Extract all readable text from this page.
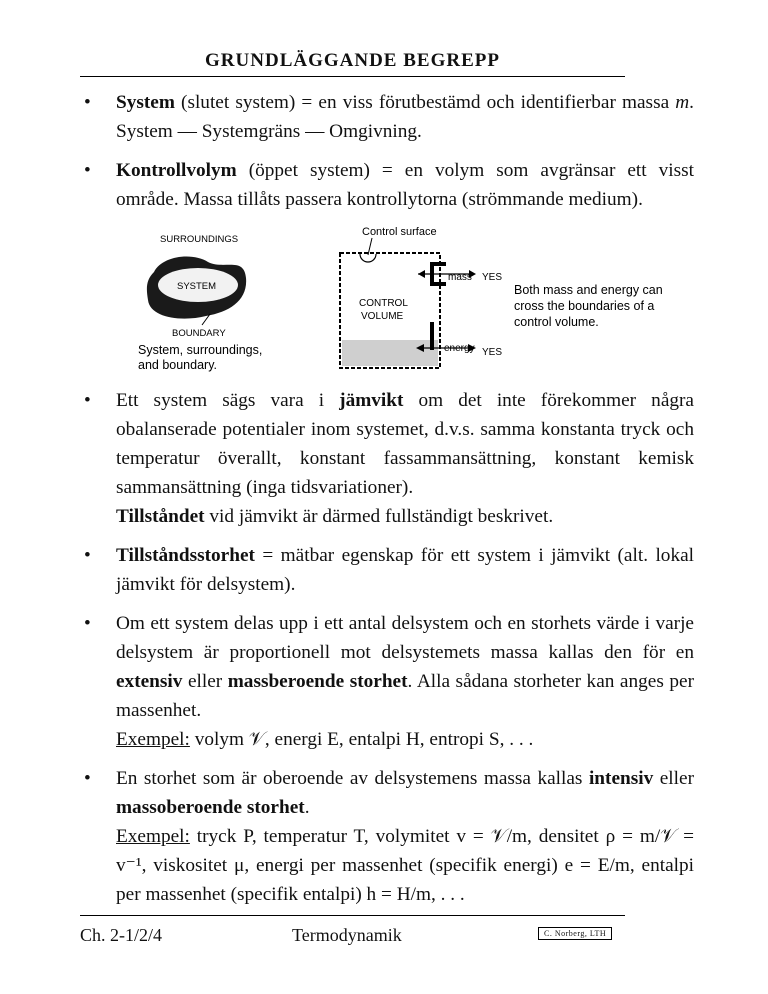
GRUNDLÄGGANDE BEGREPP
• System (slutet system) = en viss förutbestämd och identifierbar massa m. System — Systemgräns — Omgivning.
• Kontrollvolym (öppet system) = en volym som avgränsar ett visst område. Massa tillåts passera kontrollytorna (strömmande medium).
SURROUNDINGS
SYSTEM
BOUNDARY
System, surroundings,
and boundary.
Control surface
CONTROL
VOLUME
mass YES
energy YES
Both mass and energy can
cross the boundaries of a
control volume.
• Ett system sägs vara i jämvikt om det inte förekommer några obalanserade potentialer inom systemet, d.v.s. samma konstanta tryck och temperatur överallt, konstant fassammansättning, konstant kemisk sammansättning (inga tidsvariationer).
Tillståndet vid jämvikt är därmed fullständigt beskrivet.
• Tillståndsstorhet = mätbar egenskap för ett system i jämvikt (alt. lokal jämvikt för delsystem).
• Om ett system delas upp i ett antal delsystem och en storhets värde i varje delsystem är proportionell mot delsystemets massa kallas den för en extensiv eller massberoende storhet. Alla sådana storheter kan anges per massenhet.
Exempel: volym 𝒱, energi E, entalpi H, entropi S, . . .
• En storhet som är oberoende av delsystemens massa kallas intensiv eller massoberoende storhet.
Exempel: tryck P, temperatur T, volymitet v = 𝒱/m, densitet ρ = m/𝒱 = v⁻¹, viskositet μ, energi per massenhet (specifik energi) e = E/m, entalpi per massenhet (specifik entalpi) h = H/m, . . .
Ch. 2-1/2/4	Termodynamik	C. Norberg, LTH
